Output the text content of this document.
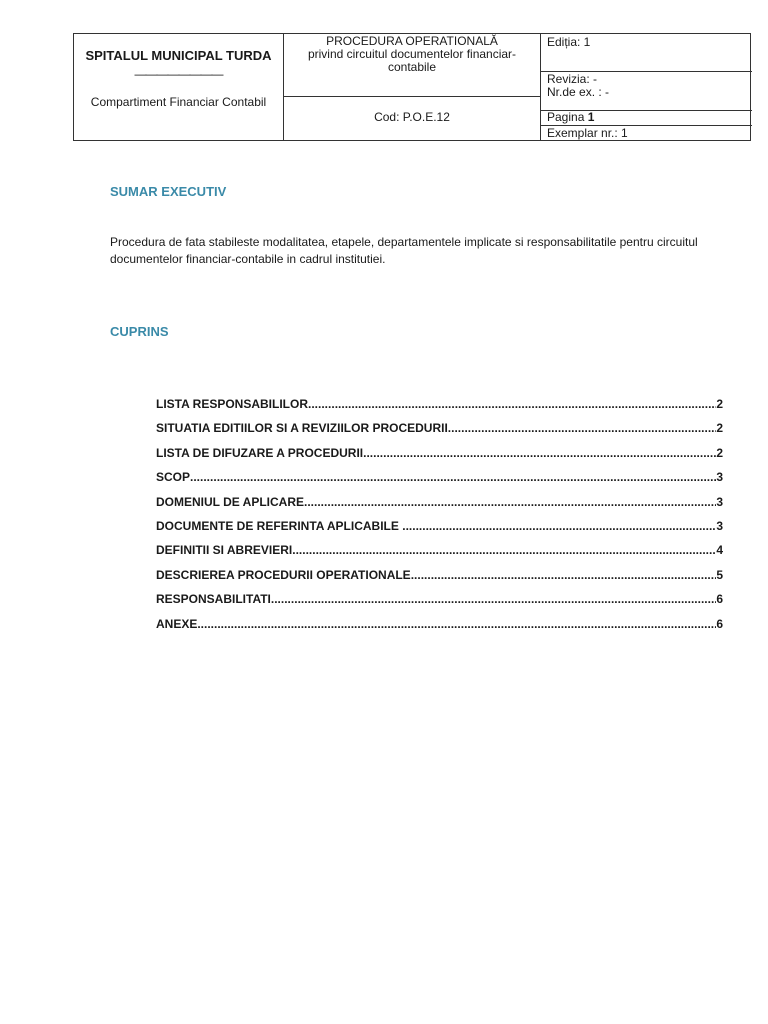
SPITALUL MUNICIPAL TURDA
————————
Compartiment Financiar Contabil
PROCEDURA OPERATIONALĂ
privind circuitul documentelor financiar-
contabile
Cod: P.O.E.12
Ediția: 1
Revizia: -
Nr.de ex. : -
Pagina 1
Exemplar nr.: 1
SUMAR EXECUTIV
Procedura de fata stabileste modalitatea, etapele, departamentele implicate si responsabilitatile pentru circuitul documentelor financiar-contabile in cadrul institutiei.
CUPRINS
LISTA RESPONSABILILOR .....	2
SITUATIA EDITIILOR SI A REVIZIILOR PROCEDURII .....	2
LISTA DE DIFUZARE A PROCEDURII .....	2
SCOP .....	3
DOMENIUL DE APLICARE .....	3
DOCUMENTE DE REFERINTA APLICABILE .....	3
DEFINITII SI ABREVIERI .....	4
DESCRIEREA PROCEDURII OPERATIONALE .....	5
RESPONSABILITATI .....	6
ANEXE .....	6
